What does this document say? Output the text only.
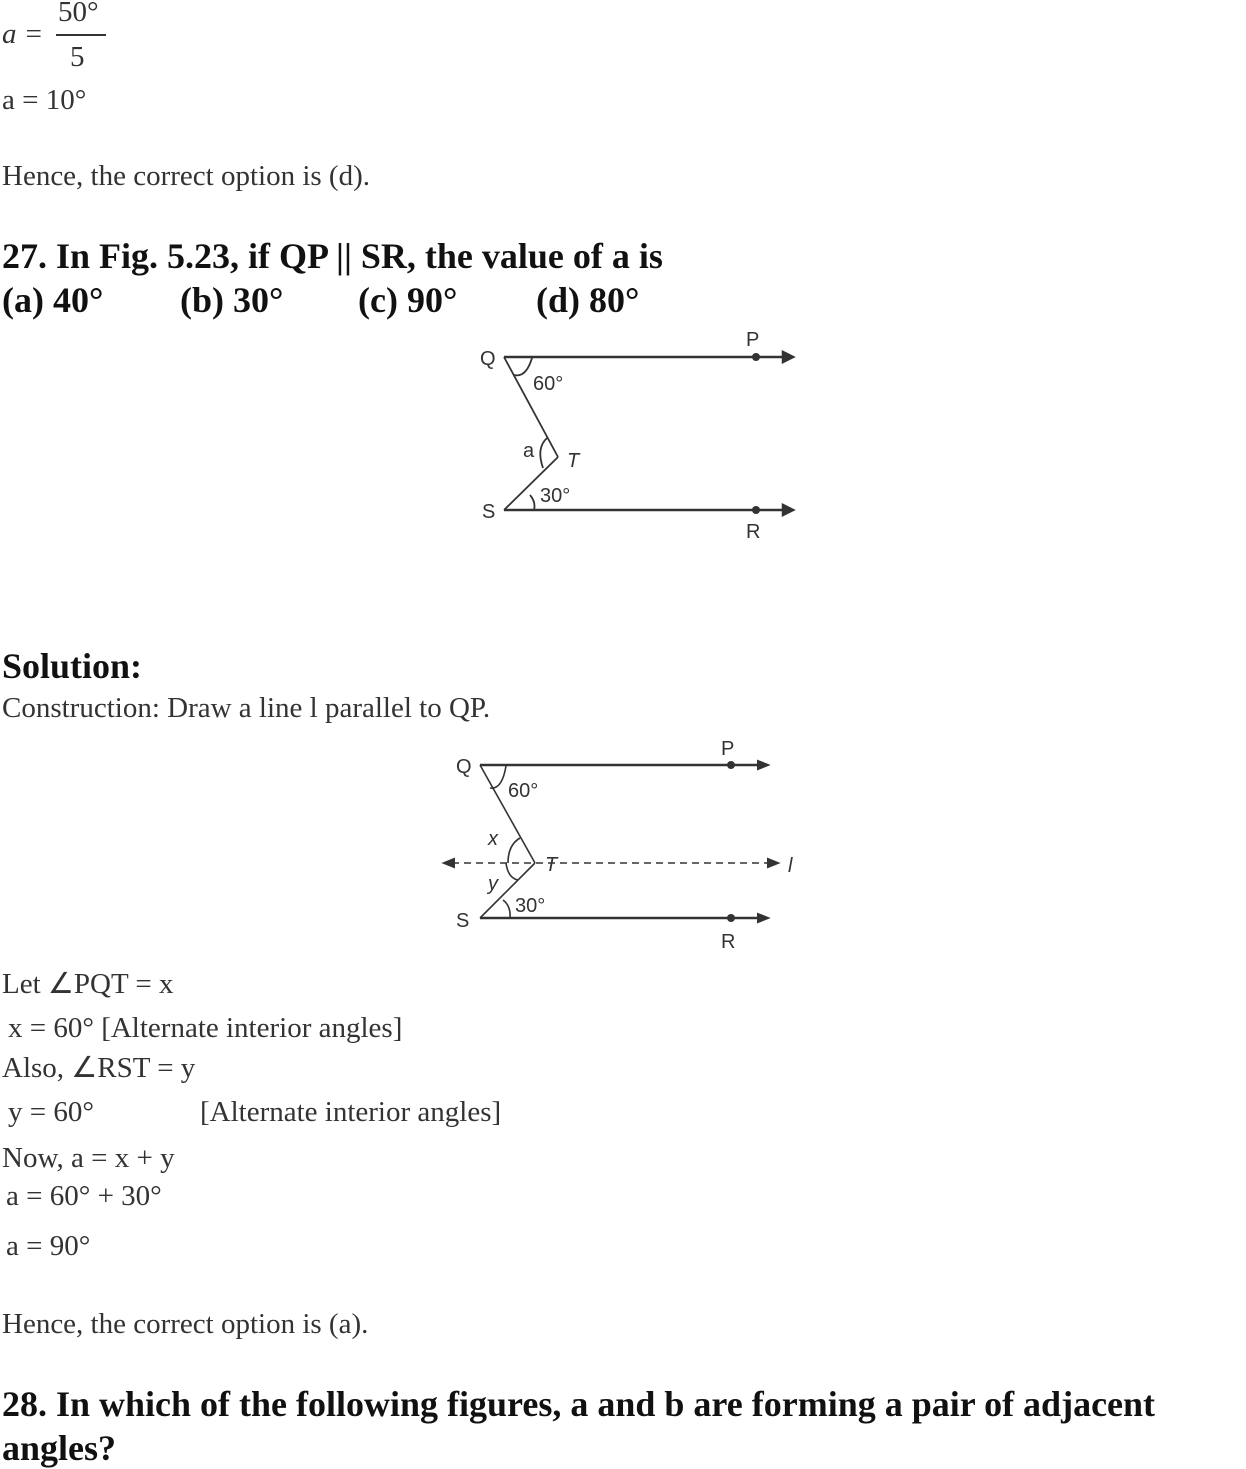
a =
50°
5
a = 10°
Hence, the correct option is (d).
27. In Fig. 5.23, if QP || SR, the value of a is
(a) 40° (b) 30° (c) 90° (d) 80°
Q
P
60°
a T
30°
S
R
Solution:
Construction: Draw a line l parallel to QP.
Q
P
60°
x
T	l
y
30°
S
R
Let ∠PQT = x
x = 60° [Alternate interior angles]
Also, ∠RST = y
y = 60°	[Alternate interior angles]
Now, a = x + y
a = 60° + 30°
a = 90°
Hence, the correct option is (a).
28. In which of the following figures, a and b are forming a pair of adjacent
angles?
